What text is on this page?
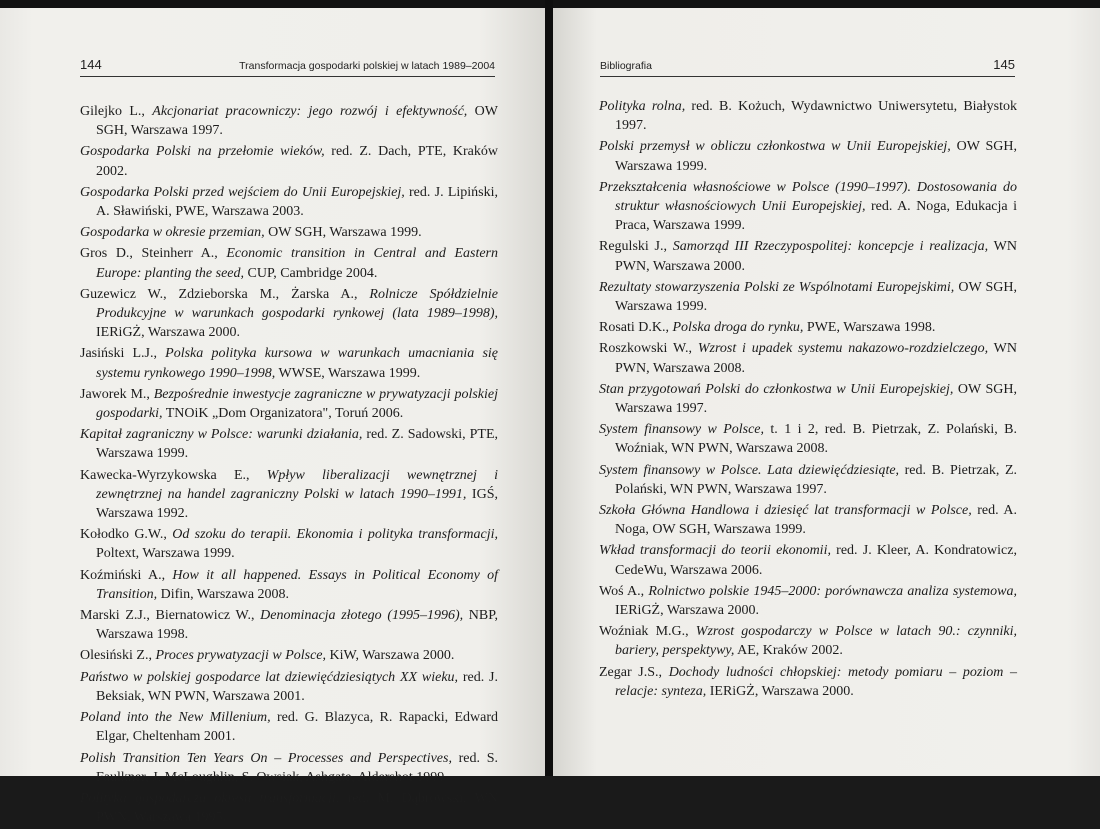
144	Transformacja gospodarki polskiej w latach 1989–2004
Gilejko L., Akcjonariat pracowniczy: jego rozwój i efektywność, OW SGH, Warszawa 1997.
Gospodarka Polski na przełomie wieków, red. Z. Dach, PTE, Kraków 2002.
Gospodarka Polski przed wejściem do Unii Europejskiej, red. J. Lipiński, A. Sławiński, PWE, Warszawa 2003.
Gospodarka w okresie przemian, OW SGH, Warszawa 1999.
Gros D., Steinherr A., Economic transition in Central and Eastern Europe: planting the seed, CUP, Cambridge 2004.
Guzewicz W., Zdzieborska M., Żarska A., Rolnicze Spółdzielnie Produkcyjne w warunkach gospodarki rynkowej (lata 1989–1998), IERiGŻ, Warszawa 2000.
Jasiński L.J., Polska polityka kursowa w warunkach umacniania się systemu rynkowego 1990–1998, WWSE, Warszawa 1999.
Jaworek M., Bezpośrednie inwestycje zagraniczne w prywatyzacji polskiej gospodarki, TNOiK „Dom Organizatora", Toruń 2006.
Kapitał zagraniczny w Polsce: warunki działania, red. Z. Sadowski, PTE, Warszawa 1999.
Kawecka-Wyrzykowska E., Wpływ liberalizacji wewnętrznej i zewnętrznej na handel zagraniczny Polski w latach 1990–1991, IGŚ, Warszawa 1992.
Kołodko G.W., Od szoku do terapii. Ekonomia i polityka transformacji, Poltext, Warszawa 1999.
Koźmiński A., How it all happened. Essays in Political Economy of Transition, Difin, Warszawa 2008.
Marski Z.J., Biernatowicz W., Denominacja złotego (1995–1996), NBP, Warszawa 1998.
Olesiński Z., Proces prywatyzacji w Polsce, KiW, Warszawa 2000.
Państwo w polskiej gospodarce lat dziewięćdziesiątych XX wieku, red. J. Beksiak, WN PWN, Warszawa 2001.
Poland into the New Millenium, red. G. Blazyca, R. Rapacki, Edward Elgar, Cheltenham 2001.
Polish Transition Ten Years On – Processes and Perspectives, red. S. Faulkner, J. McLoughlin, S. Owsiak, Ashgate, Aldershot 1999.
Polityka gospodarcza okresu transformacji, red. M. Dąbrowski, WN PWN, Warszawa 1995.
Bibliografia	145
Polityka rolna, red. B. Kożuch, Wydawnictwo Uniwersytetu, Białystok 1997.
Polski przemysł w obliczu członkostwa w Unii Europejskiej, OW SGH, Warszawa 1999.
Przekształcenia własnościowe w Polsce (1990–1997). Dostosowania do struktur własnościowych Unii Europejskiej, red. A. Noga, Edukacja i Praca, Warszawa 1999.
Regulski J., Samorząd III Rzeczypospolitej: koncepcje i realizacja, WN PWN, Warszawa 2000.
Rezultaty stowarzyszenia Polski ze Wspólnotami Europejskimi, OW SGH, Warszawa 1999.
Rosati D.K., Polska droga do rynku, PWE, Warszawa 1998.
Roszkowski W., Wzrost i upadek systemu nakazowo-rozdzielczego, WN PWN, Warszawa 2008.
Stan przygotowań Polski do członkostwa w Unii Europejskiej, OW SGH, Warszawa 1997.
System finansowy w Polsce, t. 1 i 2, red. B. Pietrzak, Z. Polański, B. Woźniak, WN PWN, Warszawa 2008.
System finansowy w Polsce. Lata dziewięćdziesiąte, red. B. Pietrzak, Z. Polański, WN PWN, Warszawa 1997.
Szkoła Główna Handlowa i dziesięć lat transformacji w Polsce, red. A. Noga, OW SGH, Warszawa 1999.
Wkład transformacji do teorii ekonomii, red. J. Kleer, A. Kondratowicz, CedeWu, Warszawa 2006.
Woś A., Rolnictwo polskie 1945–2000: porównawcza analiza systemowa, IERiGŻ, Warszawa 2000.
Woźniak M.G., Wzrost gospodarczy w Polsce w latach 90.: czynniki, bariery, perspektywy, AE, Kraków 2002.
Zegar J.S., Dochody ludności chłopskiej: metody pomiaru – poziom – relacje: synteza, IERiGŻ, Warszawa 2000.
